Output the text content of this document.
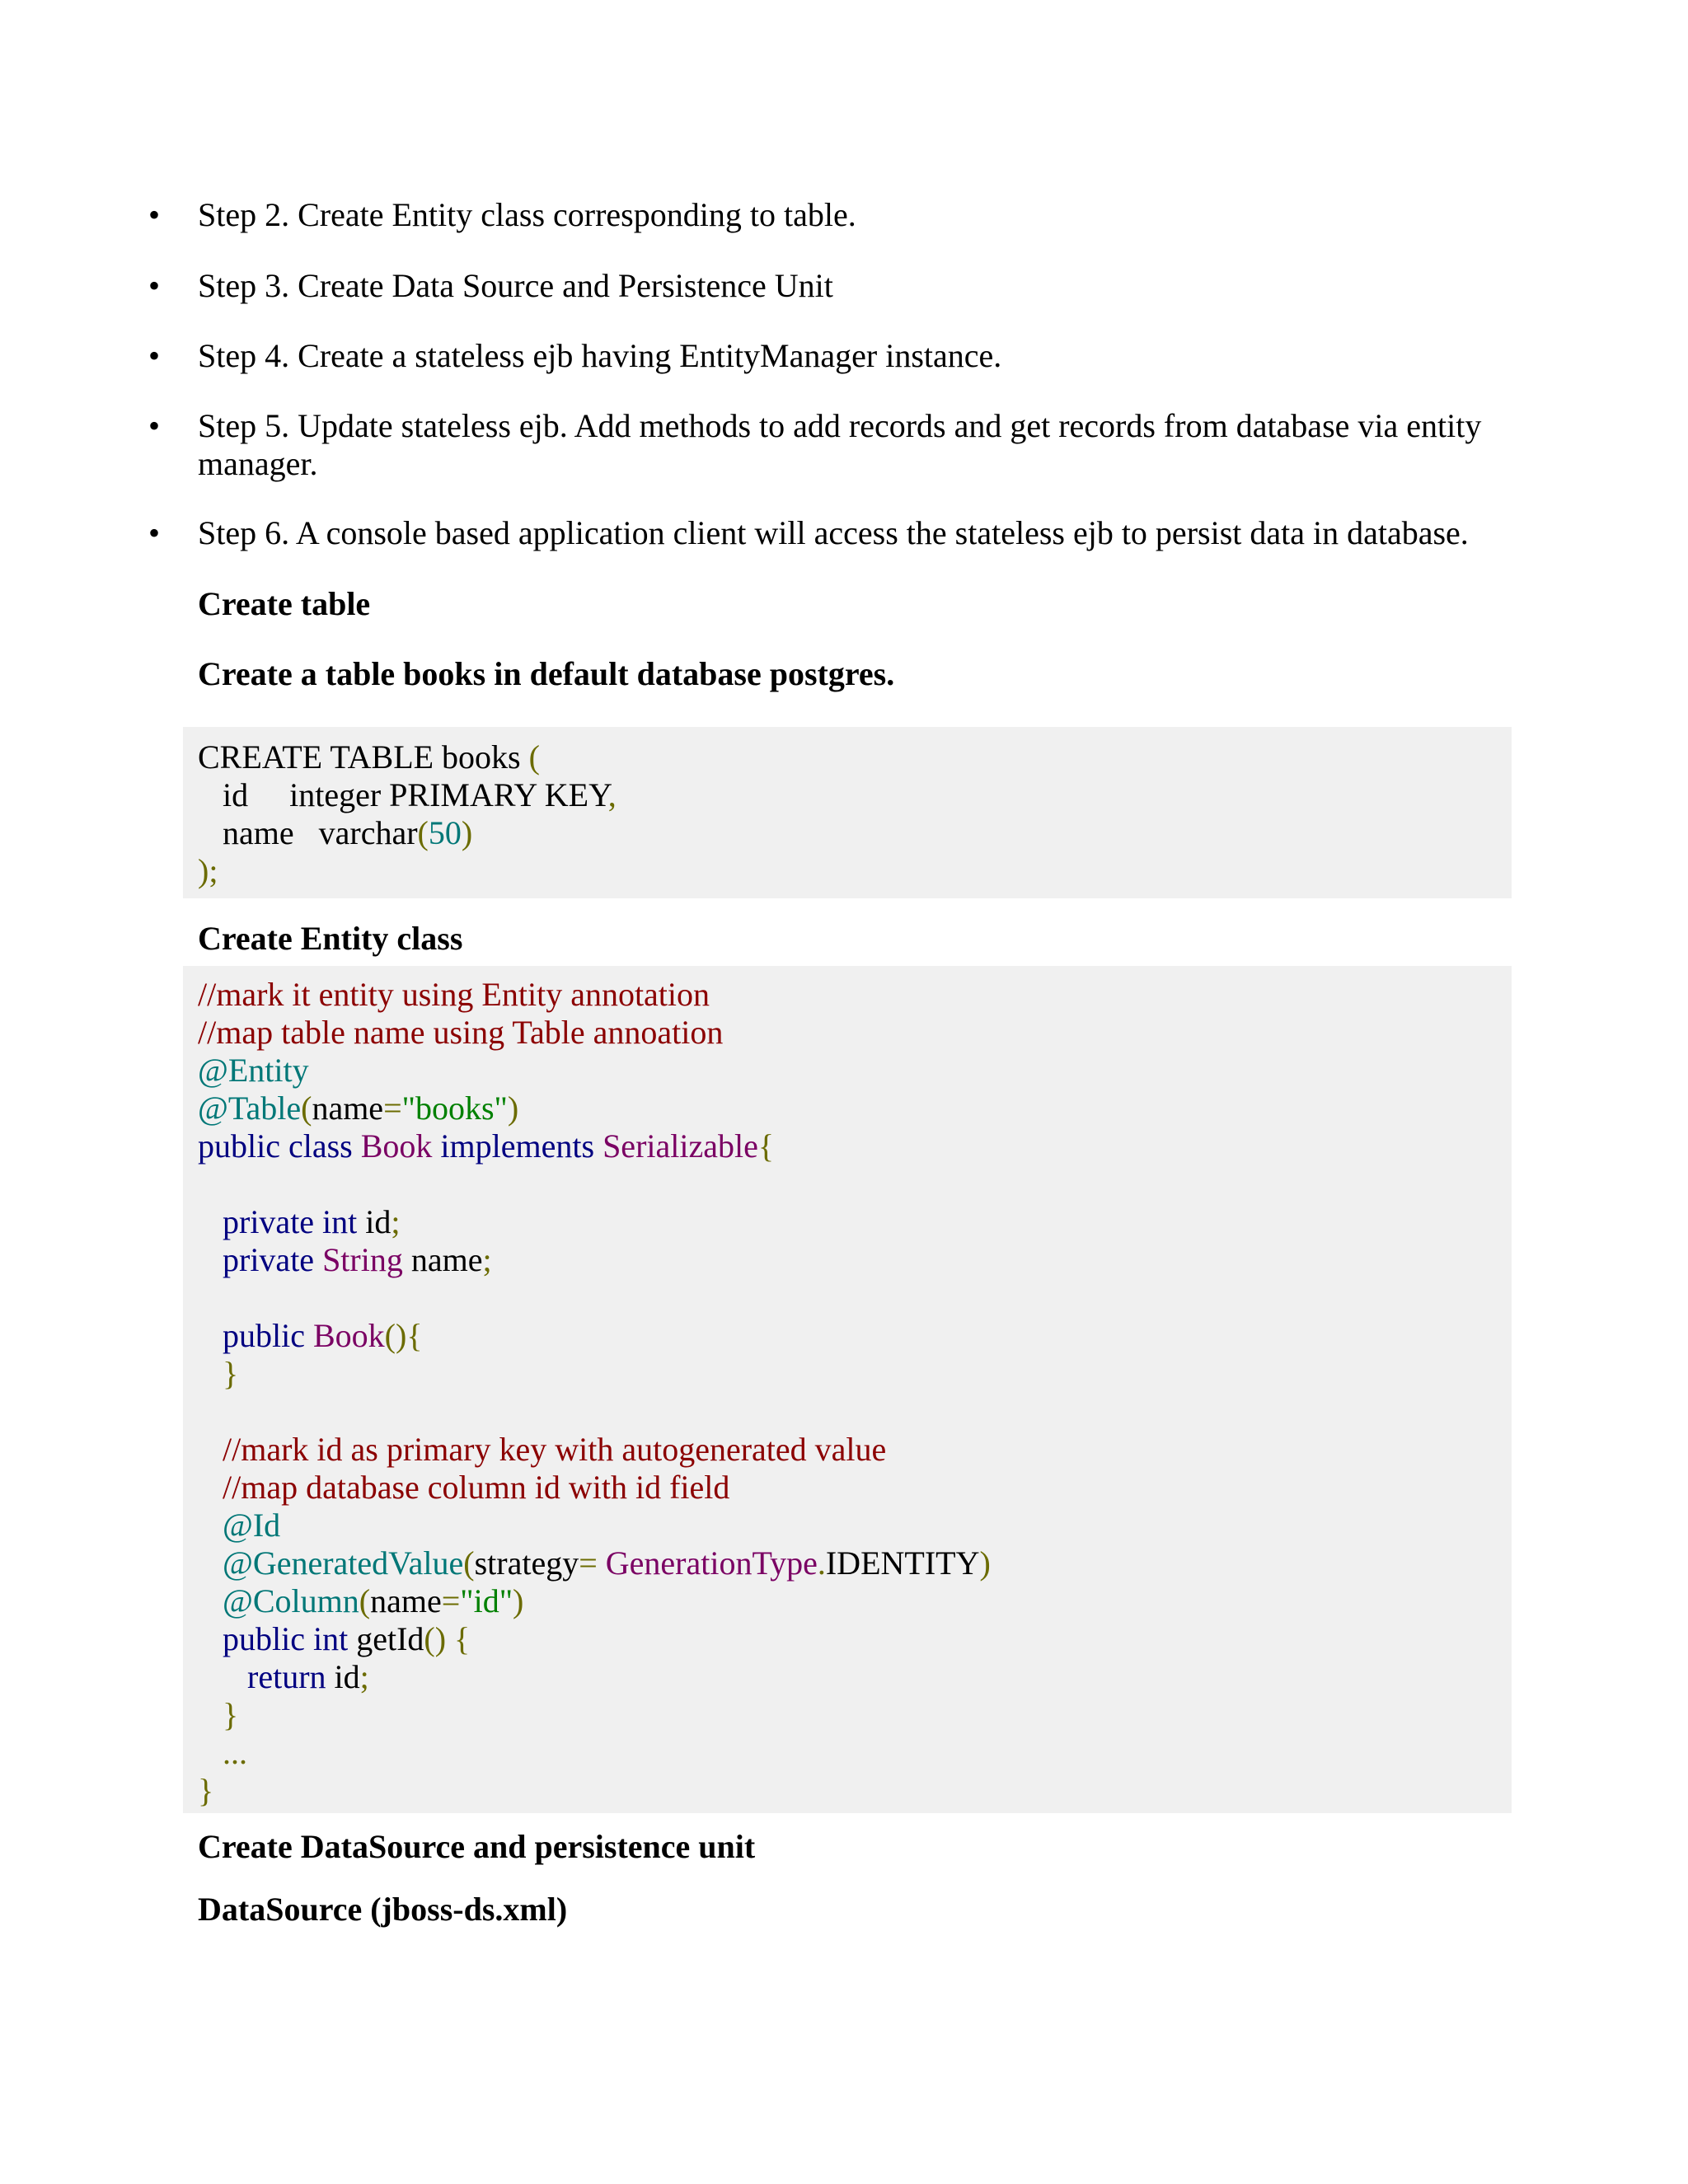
• Step 2. Create Entity class corresponding to table.
• Step 3. Create Data Source and Persistence Unit
• Step 4. Create a stateless ejb having EntityManager instance.
• Step 5. Update stateless ejb. Add methods to add records and get records from database via entity manager.
• Step 6. A console based application client will access the stateless ejb to persist data in database.
Create table
Create a table books in default database postgres.
CREATE TABLE books (
id     integer PRIMARY KEY,
name   varchar(50)
);
Create Entity class
//mark it entity using Entity annotation
//map table name using Table annoation
@Entity
@Table(name="books")
public class Book implements Serializable{
private int id;
private String name;
public Book(){
}
//mark id as primary key with autogenerated value
//map database column id with id field
@Id
@GeneratedValue(strategy= GenerationType.IDENTITY)
@Column(name="id")
public int getId() {
return id;
}
...
}
Create DataSource and persistence unit
DataSource (jboss-ds.xml)
